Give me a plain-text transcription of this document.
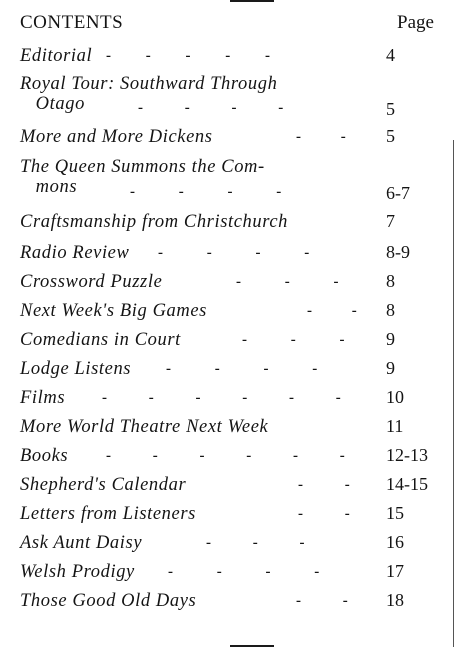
CONTENTS	Page
Editorial - - - - -	4
Royal Tour: Southward Through
Otago	- - - -	5
More and More Dickens	- - 5
The Queen Summons the Com-
mons	- - - -	6-7
Craftsmanship from Christchurch	7
Radio Review	- - - -	8-9
Crossword Puzzle	- - -	8
Next Week's Big Games	- - 8
Comedians in Court	- - - 9
Lodge Listens	- - - -	9
Films	- - - - - -	10
More World Theatre Next Week	11
Books	- - - - - - 12-13
Shepherd's Calendar	- - 14-15
Letters from Listeners	- - 15
Ask Aunt Daisy	- - -	16
Welsh Prodigy	- - - -	17
Those Good Old Days	- - 18
